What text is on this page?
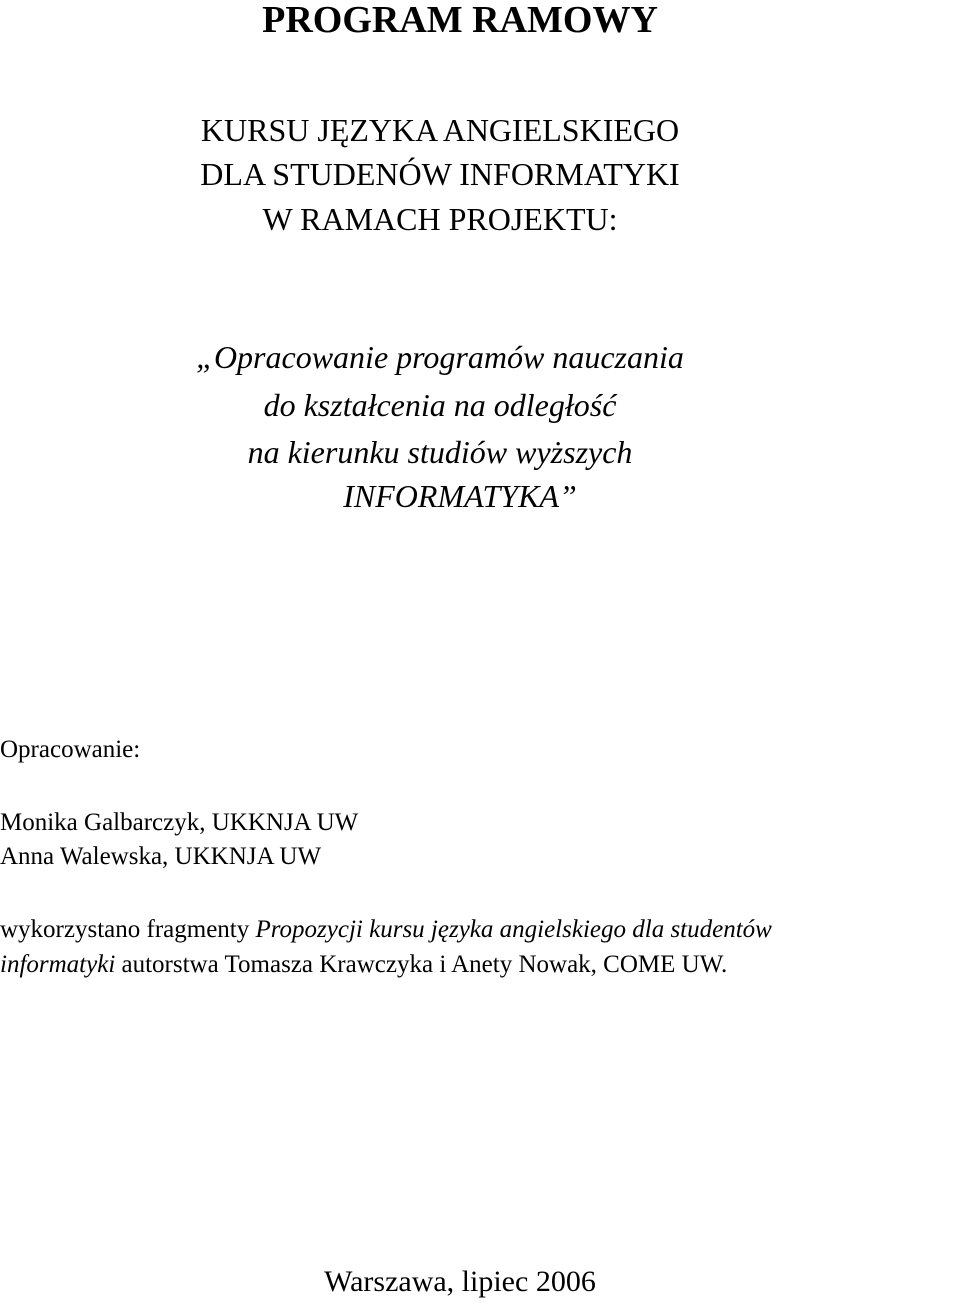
PROGRAM RAMOWY
KURSU JĘZYKA ANGIELSKIEGO
DLA STUDENÓW INFORMATYKI
W RAMACH PROJEKTU:
„Opracowanie programów nauczania
do kształcenia na odległość
na kierunku studiów wyższych
INFORMATYKA”
Opracowanie:
Monika Galbarczyk, UKKNJA UW
Anna Walewska, UKKNJA UW
wykorzystano fragmenty Propozycji kursu języka angielskiego dla studentów
informatyki autorstwa Tomasza Krawczyka i Anety Nowak, COME UW.
Warszawa, lipiec 2006
